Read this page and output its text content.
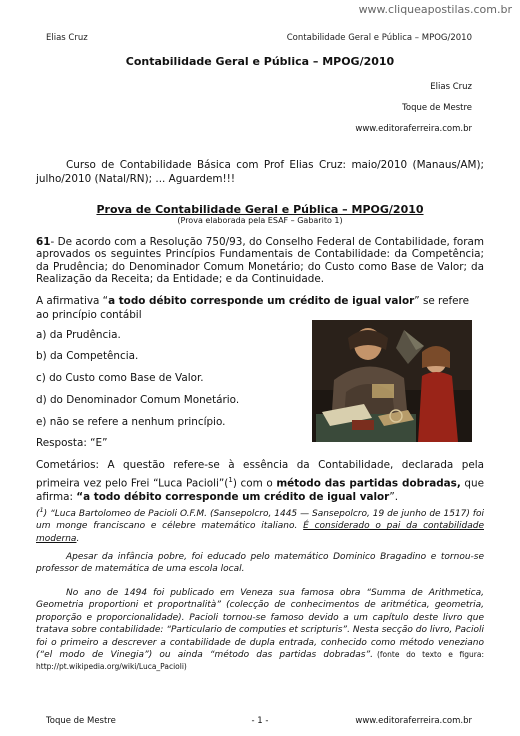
www.cliqueapostilas.com.br
Elias Cruz	Contabilidade Geral e Pública – MPOG/2010
Contabilidade Geral e Pública – MPOG/2010
Elias Cruz
Toque de Mestre
www.editoraferreira.com.br
Curso de Contabilidade Básica com Prof Elias Cruz: maio/2010 (Manaus/AM); julho/2010 (Natal/RN); ... Aguardem!!!
Prova de Contabilidade Geral e Pública – MPOG/2010
(Prova elaborada pela ESAF – Gabarito 1)
61- De acordo com a Resolução 750/93, do Conselho Federal de Contabilidade, foram aprovados os seguintes Princípios Fundamentais de Contabilidade: da Competência; da Prudência; do Denominador Comum Monetário; do Custo como Base de Valor; da Realização da Receita; da Entidade; e da Continuidade.
A afirmativa “a todo débito corresponde um crédito de igual valor” se refere ao princípio contábil
a) da Prudência.
b) da Competência.
c) do Custo como Base de Valor.
d) do Denominador Comum Monetário.
e) não se refere a nenhum princípio.
Resposta: “E”
Cometários: A questão refere-se à essência da Contabilidade, declarada pela primeira vez pelo Frei “Luca Pacioli”($^1$) com o método das partidas dobradas, que afirma: “a todo débito corresponde um crédito de igual valor”.
($^1$) “Luca Bartolomeo de Pacioli O.F.M. (Sansepolcro, 1445 — Sansepolcro, 19 de junho de 1517) foi um monge franciscano e célebre matemático italiano. É considerado o pai da contabilidade moderna.
Apesar da infância pobre, foi educado pelo matemático Dominico Bragadino e tornou-se professor de matemática de uma escola local.
No ano de 1494 foi publicado em Veneza sua famosa obra “Summa de Arithmetica, Geometria proportioni et proportnalità” (colecção de conhecimentos de aritmética, geometria, proporção e proporcionalidade). Pacioli tornou-se famoso devido a um capítulo deste livro que tratava sobre contabilidade: “Particulario de computies et scripturis”. Nesta secção do livro, Pacioli foi o primeiro a descrever a contabilidade de dupla entrada, conhecido como método veneziano (“el modo de Vinegia”) ou ainda “método das partidas dobradas”. (fonte do texto e figura: http://pt.wikipedia.org/wiki/Luca_Pacioli)
Toque de Mestre	- 1 -	www.editoraferreira.com.br
